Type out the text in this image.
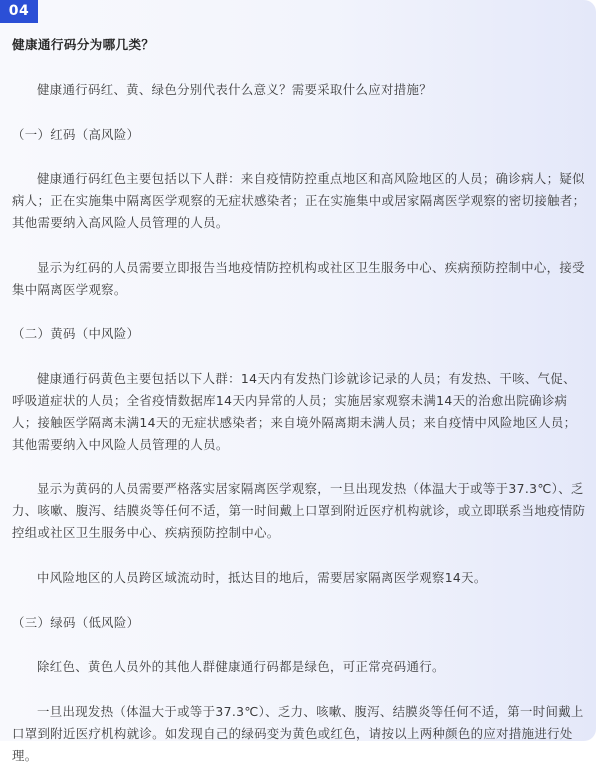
04

健康通行码分为哪几类？

健康通行码红、黄、绿色分别代表什么意义？需要采取什么应对措施？

（一）红码（高风险）

健康通行码红色主要包括以下人群：来自疫情防控重点地区和高风险地区的人员；确诊病人；疑似病人；正在实施集中隔离医学观察的无症状感染者；正在实施集中或居家隔离医学观察的密切接触者；其他需要纳入高风险人员管理的人员。

显示为红码的人员需要立即报告当地疫情防控机构或社区卫生服务中心、疾病预防控制中心，接受集中隔离医学观察。

（二）黄码（中风险）

健康通行码黄色主要包括以下人群：14天内有发热门诊就诊记录的人员；有发热、干咳、气促、呼吸道症状的人员；全省疫情数据库14天内异常的人员；实施居家观察未满14天的治愈出院确诊病人；接触医学隔离未满14天的无症状感染者；来自境外隔离期未满人员；来自疫情中风险地区人员；其他需要纳入中风险人员管理的人员。

显示为黄码的人员需要严格落实居家隔离医学观察，一旦出现发热（体温大于或等于37.3℃）、乏力、咳嗽、腹泻、结膜炎等任何不适，第一时间戴上口罩到附近医疗机构就诊，或立即联系当地疫情防控组或社区卫生服务中心、疾病预防控制中心。

中风险地区的人员跨区域流动时，抵达目的地后，需要居家隔离医学观察14天。

（三）绿码（低风险）

除红色、黄色人员外的其他人群健康通行码都是绿色，可正常亮码通行。

一旦出现发热（体温大于或等于37.3℃）、乏力、咳嗽、腹泻、结膜炎等任何不适，第一时间戴上口罩到附近医疗机构就诊。如发现自己的绿码变为黄色或红色，请按以上两种颜色的应对措施进行处理。
